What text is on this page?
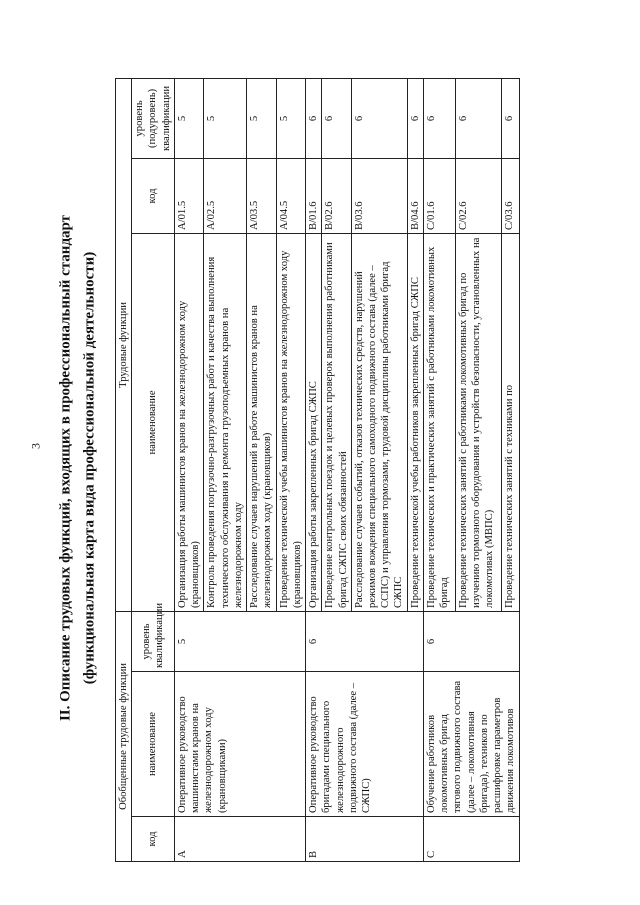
3 II. Описание трудовых функций, входящих в профессиональный стандарт (функциональная карта вида профессиональной деятельности)
Обобщенные трудовые функции			Трудовые функции		
код	наименование	уровень квалификации	наименование	код	уровень (подуровень) квалификации
A	Оперативное руководство машинистами кранов на железнодорожном ходу (крановщиками)	5	Организация работы машинистов кранов на железнодорожном ходу (крановщиков)	A/01.5	5
			Контроль проведения погрузочно-разгрузочных работ и качества выполнения технического обслуживания и ремонта грузоподъемных кранов на железнодорожном ходу	A/02.5	5
			Расследование случаев нарушений в работе машинистов кранов на железнодорожном ходу (крановщиков)	A/03.5	5
			Проведение технической учебы машинистов кранов на железнодорожном ходу (крановщиков)	A/04.5	5
B	Оперативное руководство бригадами специального железнодорожного подвижного состава (далее – СЖПС)	6	Организация работы закрепленных бригад СЖПС	B/01.6	6
			Проведение контрольных поездок и целевых проверок выполнения работниками бригад СЖПС своих обязанностей	B/02.6	6
			Расследование случаев событий, отказов технических средств, нарушений режимов вождения специального самоходного подвижного состава (далее – ССПС) и управления тормозами, трудовой дисциплины работниками бригад СЖПС	B/03.6	6
			Проведение технической учебы работников закрепленных бригад СЖПС	B/04.6	6
C	Обучение работников локомотивных бригад тягового подвижного состава (далее – локомотивная бригада), техников по расшифровке параметров движения локомотивов	6	Проведение технических и практических занятий с работниками локомотивных бригад	C/01.6	6
			Проведение технических занятий с работниками локомотивных бригад по изучению тормозного оборудования и устройств безопасности, установленных на локомотивах (МВПС)	C/02.6	6
			Проведение технических занятий с техниками по	C/03.6	6
